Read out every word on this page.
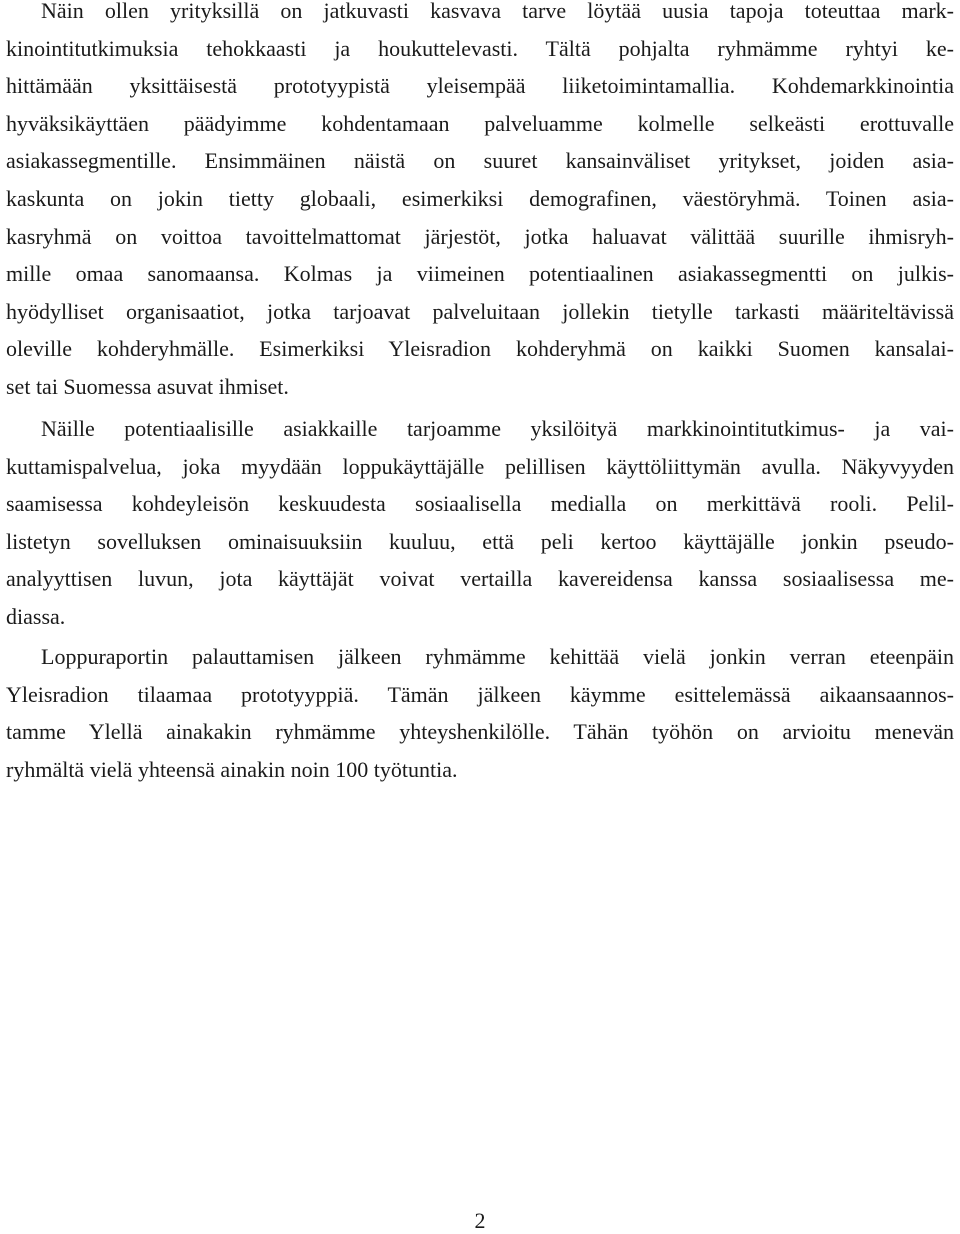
Näin ollen yrityksillä on jatkuvasti kasvava tarve löytää uusia tapoja toteuttaa mark-
kinointitutkimuksia tehokkaasti ja houkuttelevasti. Tältä pohjalta ryhmämme ryhtyi ke-
hittämään yksittäisestä prototyypistä yleisempää liiketoimintamallia. Kohdemarkkinointia
hyväksikäyttäen päädyimme kohdentamaan palveluamme kolmelle selkeästi erottuvalle
asiakassegmentille. Ensimmäinen näistä on suuret kansainväliset yritykset, joiden asia-
kaskunta on jokin tietty globaali, esimerkiksi demografinen, väestöryhmä. Toinen asia-
kasryhmä on voittoa tavoittelmattomat järjestöt, jotka haluavat välittää suurille ihmisryh-
mille omaa sanomaansa. Kolmas ja viimeinen potentiaalinen asiakassegmentti on julkis-
hyödylliset organisaatiot, jotka tarjoavat palveluitaan jollekin tietylle tarkasti määriteltävissä
oleville kohderyhmälle. Esimerkiksi Yleisradion kohderyhmä on kaikki Suomen kansalai-
set tai Suomessa asuvat ihmiset.
Näille potentiaalisille asiakkaille tarjoamme yksilöityä markkinointitutkimus- ja vai-
kuttamispalvelua, joka myydään loppukäyttäjälle pelillisen käyttöliittymän avulla. Näkyvyyden
saamisessa kohdeyleisön keskuudesta sosiaalisella medialla on merkittävä rooli. Pelil-
listetyn sovelluksen ominaisuuksiin kuuluu, että peli kertoo käyttäjälle jonkin pseudo-
analyyttisen luvun, jota käyttäjät voivat vertailla kavereidensa kanssa sosiaalisessa me-
diassa.
Loppuraportin palauttamisen jälkeen ryhmämme kehittää vielä jonkin verran eteenpäin
Yleisradion tilaamaa prototyyppiä. Tämän jälkeen käymme esittelemässä aikaansaannos-
tamme Ylellä ainakakin ryhmämme yhteyshenkilölle. Tähän työhön on arvioitu menevän
ryhmältä vielä yhteensä ainakin noin 100 työtuntia.
2
